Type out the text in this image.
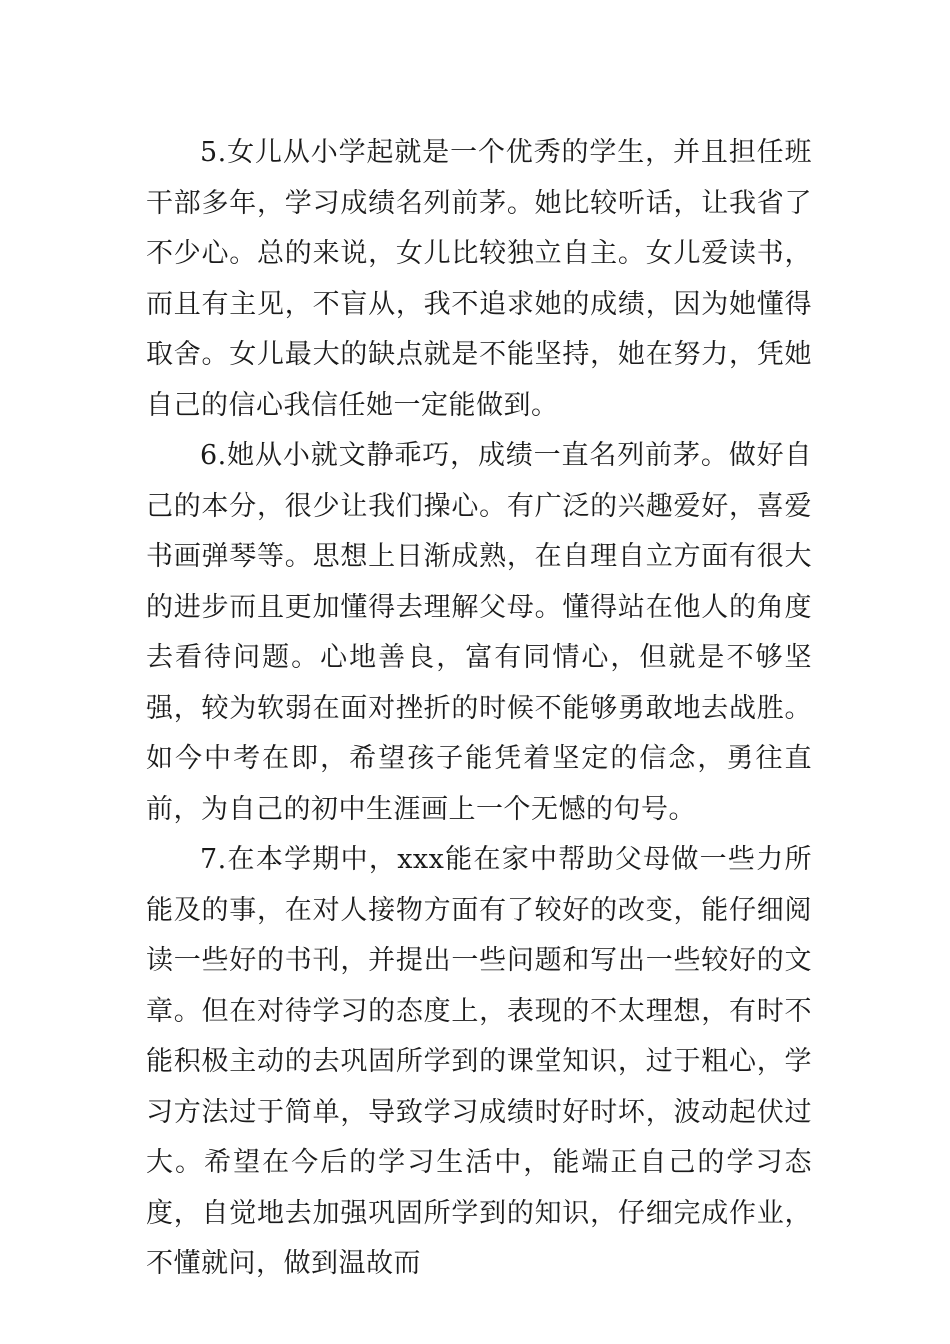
5.女儿从小学起就是一个优秀的学生，并且担任班干部多年，学习成绩名列前茅。她比较听话，让我省了不少心。总的来说，女儿比较独立自主。女儿爱读书，而且有主见，不盲从，我不追求她的成绩，因为她懂得取舍。女儿最大的缺点就是不能坚持，她在努力，凭她自己的信心我信任她一定能做到。

6.她从小就文静乖巧，成绩一直名列前茅。做好自己的本分，很少让我们操心。有广泛的兴趣爱好，喜爱书画弹琴等。思想上日渐成熟，在自理自立方面有很大的进步而且更加懂得去理解父母。懂得站在他人的角度去看待问题。心地善良，富有同情心，但就是不够坚强，较为软弱在面对挫折的时候不能够勇敢地去战胜。如今中考在即，希望孩子能凭着坚定的信念，勇往直前，为自己的初中生涯画上一个无憾的句号。

7.在本学期中，xxx能在家中帮助父母做一些力所能及的事，在对人接物方面有了较好的改变，能仔细阅读一些好的书刊，并提出一些问题和写出一些较好的文章。但在对待学习的态度上，表现的不太理想，有时不能积极主动的去巩固所学到的课堂知识，过于粗心，学习方法过于简单，导致学习成绩时好时坏，波动起伏过大。希望在今后的学习生活中，能端正自己的学习态度，自觉地去加强巩固所学到的知识，仔细完成作业，不懂就问，做到温故而
